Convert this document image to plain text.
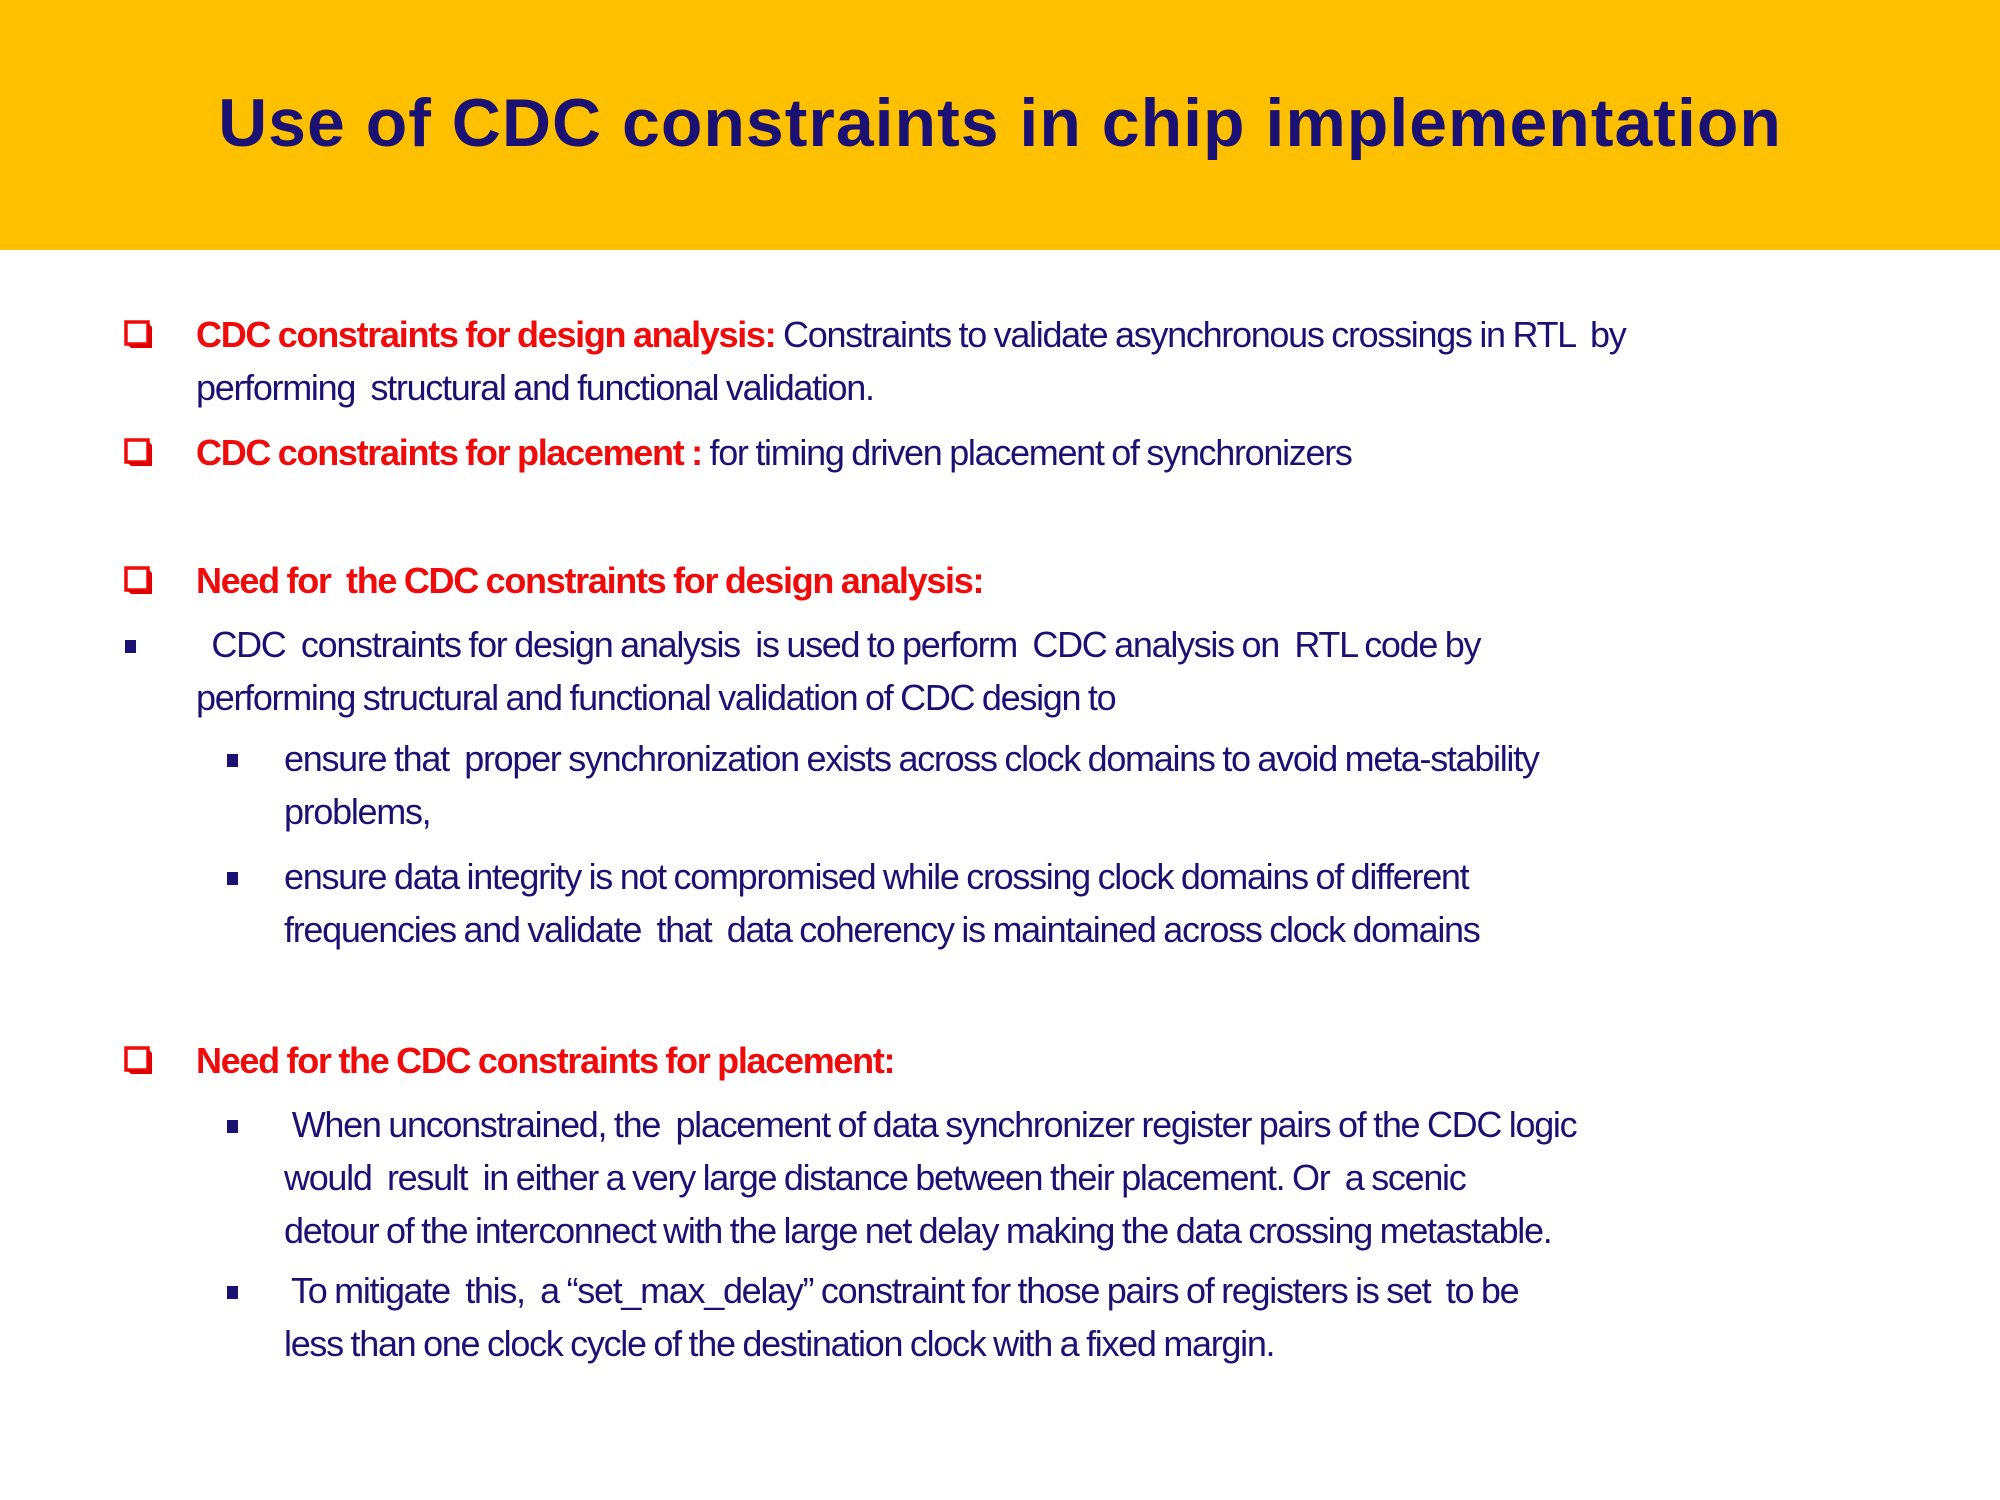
Use of CDC constraints in chip implementation
CDC constraints for design analysis: Constraints to validate asynchronous crossings in RTL  by
performing  structural and functional validation.
CDC constraints for placement : for timing driven placement of synchronizers
Need for  the CDC constraints for design analysis:
CDC  constraints for design analysis  is used to perform  CDC analysis on  RTL code by
performing structural and functional validation of CDC design to
ensure that  proper synchronization exists across clock domains to avoid meta-stability
problems,
ensure data integrity is not compromised while crossing clock domains of different
frequencies and validate  that  data coherency is maintained across clock domains
Need for the CDC constraints for placement:
When unconstrained, the  placement of data synchronizer register pairs of the CDC logic
would  result  in either a very large distance between their placement. Or  a scenic
detour of the interconnect with the large net delay making the data crossing metastable.
To mitigate  this,  a “set_max_delay” constraint for those pairs of registers is set  to be
less than one clock cycle of the destination clock with a fixed margin.
